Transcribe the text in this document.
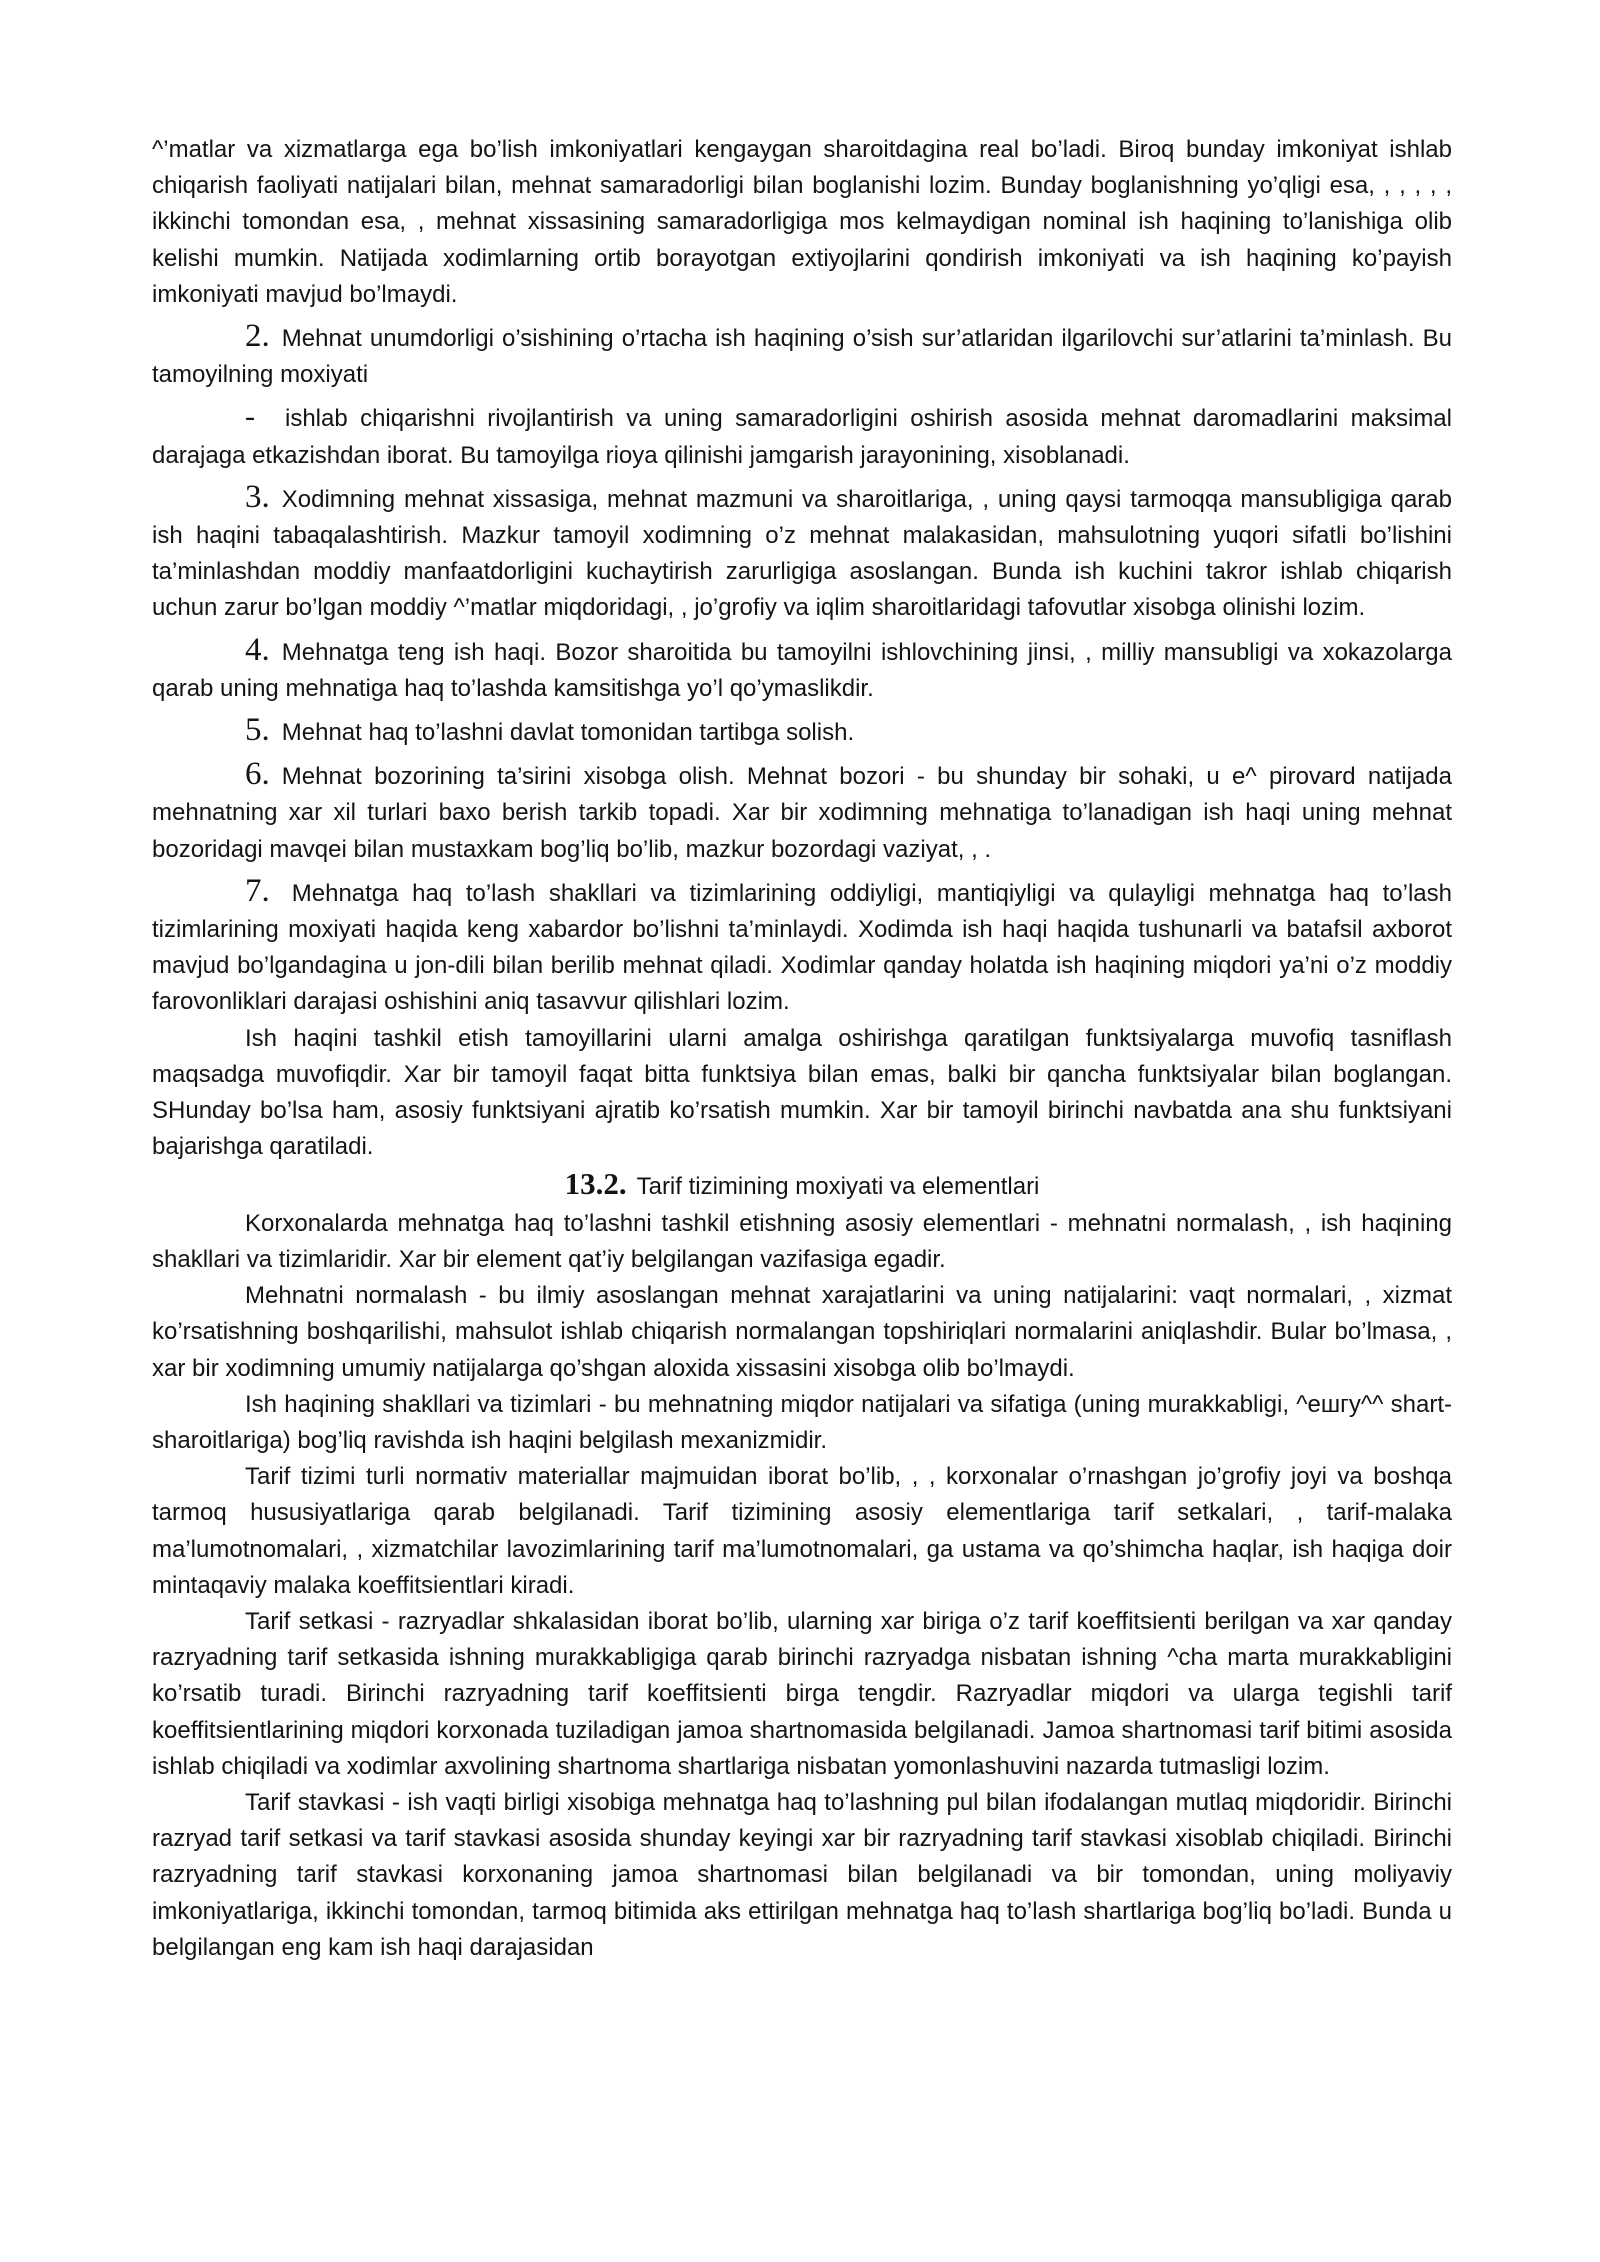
^’matlar va xizmatlarga ega bo’lish imkoniyatlari kengaygan sharoitdagina real bo’ladi. Biroq bunday imkoniyat ishlab chiqarish faoliyati natijalari bilan, mehnat samaradorligi bilan boglanishi lozim. Bunday boglanishning yo’qligi esa, , , , , , ikkinchi tomondan esa, , mehnat xissasining samaradorligiga mos kelmaydigan nominal ish haqining to’lanishiga olib kelishi mumkin. Natijada xodimlarning ortib borayotgan extiyojlarini qondirish imkoniyati va ish haqining ko’payish imkoniyati mavjud bo’lmaydi.

2. Mehnat unumdorligi o’sishining o’rtacha ish haqining o’sish sur’atlaridan ilgarilovchi sur’atlarini ta’minlash. Bu tamoyilning moxiyati

- ishlab chiqarishni rivojlantirish va uning samaradorligini oshirish asosida mehnat daromadlarini maksimal darajaga etkazishdan iborat. Bu tamoyilga rioya qilinishi jamgarish jarayonining, xisoblanadi.

3. Xodimning mehnat xissasiga, mehnat mazmuni va sharoitlariga, , uning qaysi tarmoqqa mansubligiga qarab ish haqini tabaqalashtirish. Mazkur tamoyil xodimning o’z mehnat malakasidan, mahsulotning yuqori sifatli bo’lishini ta’minlashdan moddiy manfaatdorligini kuchaytirish zarurligiga asoslangan. Bunda ish kuchini takror ishlab chiqarish uchun zarur bo’lgan moddiy ^’matlar miqdoridagi, , jo’grofiy va iqlim sharoitlaridagi tafovutlar xisobga olinishi lozim.

4. Mehnatga teng ish haqi. Bozor sharoitida bu tamoyilni ishlovchining jinsi, , milliy mansubligi va xokazolarga qarab uning mehnatiga haq to’lashda kamsitishga yo’l qo’ymaslikdir.

5. Mehnat haq to’lashni davlat tomonidan tartibga solish.

6. Mehnat bozorining ta’sirini xisobga olish. Mehnat bozori - bu shunday bir sohaki, u e^ pirovard natijada mehnatning xar xil turlari baxo berish tarkib topadi. Xar bir xodimning mehnatiga to’lanadigan ish haqi uning mehnat bozoridagi mavqei bilan mustaxkam bog’liq bo’lib, mazkur bozordagi vaziyat, , .

7. Mehnatga haq to’lash shakllari va tizimlarining oddiyligi, mantiqiyligi va qulayligi mehnatga haq to’lash tizimlarining moxiyati haqida keng xabardor bo’lishni ta’minlaydi. Xodimda ish haqi haqida tushunarli va batafsil axborot mavjud bo’lgandagina u jon-dili bilan berilib mehnat qiladi. Xodimlar qanday holatda ish haqining miqdori ya’ni o’z moddiy farovonliklari darajasi oshishini aniq tasavvur qilishlari lozim.

Ish haqini tashkil etish tamoyillarini ularni amalga oshirishga qaratilgan funktsiyalarga muvofiq tasniflash maqsadga muvofiqdir. Xar bir tamoyil faqat bitta funktsiya bilan emas, balki bir qancha funktsiyalar bilan boglangan. SHunday bo’lsa ham, asosiy funktsiyani ajratib ko’rsatish mumkin. Xar bir tamoyil birinchi navbatda ana shu funktsiyani bajarishga qaratiladi.

13.2. Tarif tizimining moxiyati va elementlari

Korxonalarda mehnatga haq to’lashni tashkil etishning asosiy elementlari - mehnatni normalash, , ish haqining shakllari va tizimlaridir. Xar bir element qat’iy belgilangan vazifasiga egadir.

Mehnatni normalash - bu ilmiy asoslangan mehnat xarajatlarini va uning natijalarini: vaqt normalari, , xizmat ko’rsatishning boshqarilishi, mahsulot ishlab chiqarish normalangan topshiriqlari normalarini aniqlashdir. Bular bo’lmasa, , xar bir xodimning umumiy natijalarga qo’shgan aloxida xissasini xisobga olib bo’lmaydi.

Ish haqining shakllari va tizimlari - bu mehnatning miqdor natijalari va sifatiga (uning murakkabligi, ^ешгу^^ shart-sharoitlariga) bog’liq ravishda ish haqini belgilash mexanizmidir.

Tarif tizimi turli normativ materiallar majmuidan iborat bo’lib, , , korxonalar o’rnashgan jo’grofiy joyi va boshqa tarmoq hususiyatlariga qarab belgilanadi. Tarif tizimining asosiy elementlariga tarif setkalari, , tarif-malaka ma’lumotnomalari, , xizmatchilar lavozimlarining tarif ma’lumotnomalari, ga ustama va qo’shimcha haqlar, ish haqiga doir mintaqaviy malaka koeffitsientlari kiradi.

Tarif setkasi - razryadlar shkalasidan iborat bo’lib, ularning xar biriga o’z tarif koeffitsienti berilgan va xar qanday razryadning tarif setkasida ishning murakkabligiga qarab birinchi razryadga nisbatan ishning ^cha marta murakkabligini ko’rsatib turadi. Birinchi razryadning tarif koeffitsienti birga tengdir. Razryadlar miqdori va ularga tegishli tarif koeffitsientlarining miqdori korxonada tuziladigan jamoa shartnomasida belgilanadi. Jamoa shartnomasi tarif bitimi asosida ishlab chiqiladi va xodimlar axvolining shartnoma shartlariga nisbatan yomonlashuvini nazarda tutmasligi lozim.

Tarif stavkasi - ish vaqti birligi xisobiga mehnatga haq to’lashning pul bilan ifodalangan mutlaq miqdoridir. Birinchi razryad tarif setkasi va tarif stavkasi asosida shunday keyingi xar bir razryadning tarif stavkasi xisoblab chiqiladi. Birinchi razryadning tarif stavkasi korxonaning jamoa shartnomasi bilan belgilanadi va bir tomondan, uning moliyaviy imkoniyatlariga, ikkinchi tomondan, tarmoq bitimida aks ettirilgan mehnatga haq to’lash shartlariga bog’liq bo’ladi. Bunda u belgilangan eng kam ish haqi darajasidan
